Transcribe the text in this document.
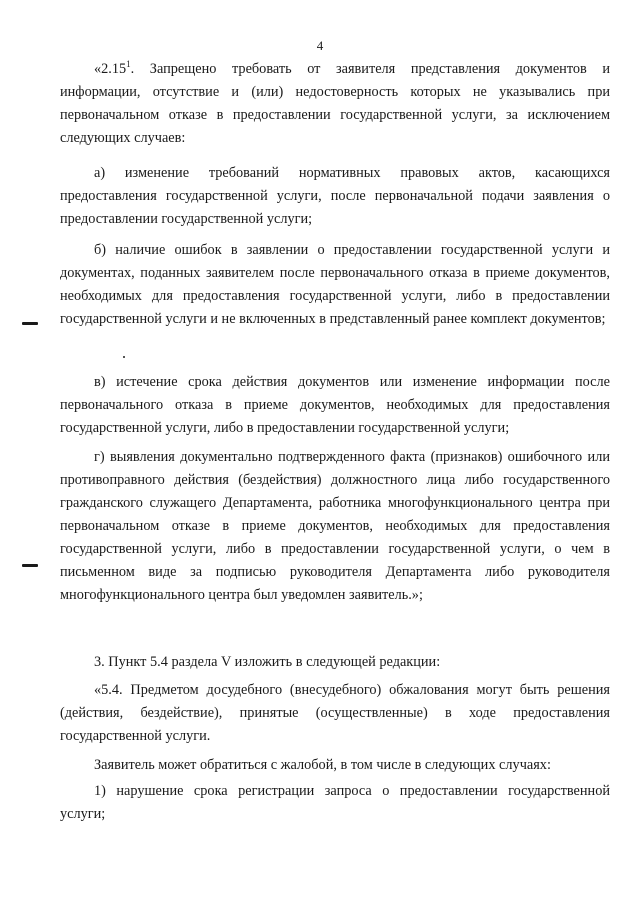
4

«2.15$^1$. Запрещено требовать от заявителя представления документов и информации, отсутствие и (или) недостоверность которых не указывались при первоначальном отказе в предоставлении государственной услуги, за исключением следующих случаев:

а) изменение требований нормативных правовых актов, касающихся предоставления государственной услуги, после первоначальной подачи заявления о предоставлении государственной услуги;

б) наличие ошибок в заявлении о предоставлении государственной услуги и документах, поданных заявителем после первоначального отказа в приеме документов, необходимых для предоставления государственной услуги, либо в предоставлении государственной услуги и не включенных в представленный ранее комплект документов;

в) истечение срока действия документов или изменение информации после первоначального отказа в приеме документов, необходимых для предоставления государственной услуги, либо в предоставлении государственной услуги;

г) выявления документально подтвержденного факта (признаков) ошибочного или противоправного действия (бездействия) должностного лица либо государственного гражданского служащего Департамента, работника многофункционального центра при первоначальном отказе в приеме документов, необходимых для предоставления государственной услуги, либо в предоставлении государственной услуги, о чем в письменном виде за подписью руководителя Департамента либо руководителя многофункционального центра был уведомлен заявитель.»;

3. Пункт 5.4 раздела V изложить в следующей редакции:

«5.4. Предметом досудебного (внесудебного) обжалования могут быть решения (действия, бездействие), принятые (осуществленные) в ходе предоставления государственной услуги.

Заявитель может обратиться с жалобой, в том числе в следующих случаях:

1) нарушение срока регистрации запроса о предоставлении государственной услуги;
